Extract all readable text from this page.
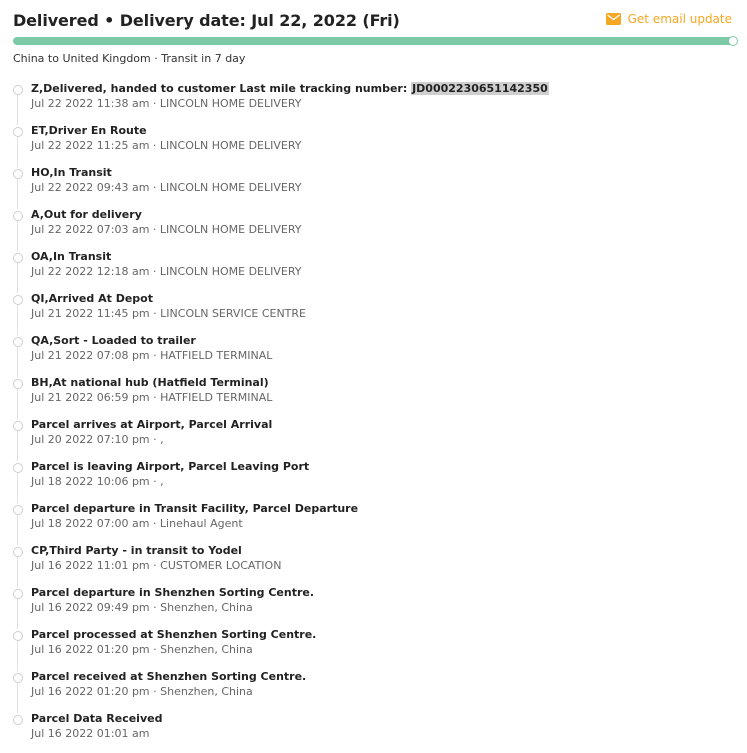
Delivered • Delivery date: Jul 22, 2022 (Fri)	Get email update
China to United Kingdom · Transit in 7 day
Z,Delivered, handed to customer Last mile tracking number: JD0002230651142350
Jul 22 2022 11:38 am · LINCOLN HOME DELIVERY
ET,Driver En Route
Jul 22 2022 11:25 am · LINCOLN HOME DELIVERY
HO,In Transit
Jul 22 2022 09:43 am · LINCOLN HOME DELIVERY
A,Out for delivery
Jul 22 2022 07:03 am · LINCOLN HOME DELIVERY
OA,In Transit
Jul 22 2022 12:18 am · LINCOLN HOME DELIVERY
QI,Arrived At Depot
Jul 21 2022 11:45 pm · LINCOLN SERVICE CENTRE
QA,Sort - Loaded to trailer
Jul 21 2022 07:08 pm · HATFIELD TERMINAL
BH,At national hub (Hatfield Terminal)
Jul 21 2022 06:59 pm · HATFIELD TERMINAL
Parcel arrives at Airport, Parcel Arrival
Jul 20 2022 07:10 pm · ,
Parcel is leaving Airport, Parcel Leaving Port
Jul 18 2022 10:06 pm · ,
Parcel departure in Transit Facility, Parcel Departure
Jul 18 2022 07:00 am · Linehaul Agent
CP,Third Party - in transit to Yodel
Jul 16 2022 11:01 pm · CUSTOMER LOCATION
Parcel departure in Shenzhen Sorting Centre.
Jul 16 2022 09:49 pm · Shenzhen, China
Parcel processed at Shenzhen Sorting Centre.
Jul 16 2022 01:20 pm · Shenzhen, China
Parcel received at Shenzhen Sorting Centre.
Jul 16 2022 01:20 pm · Shenzhen, China
Parcel Data Received
Jul 16 2022 01:01 am
